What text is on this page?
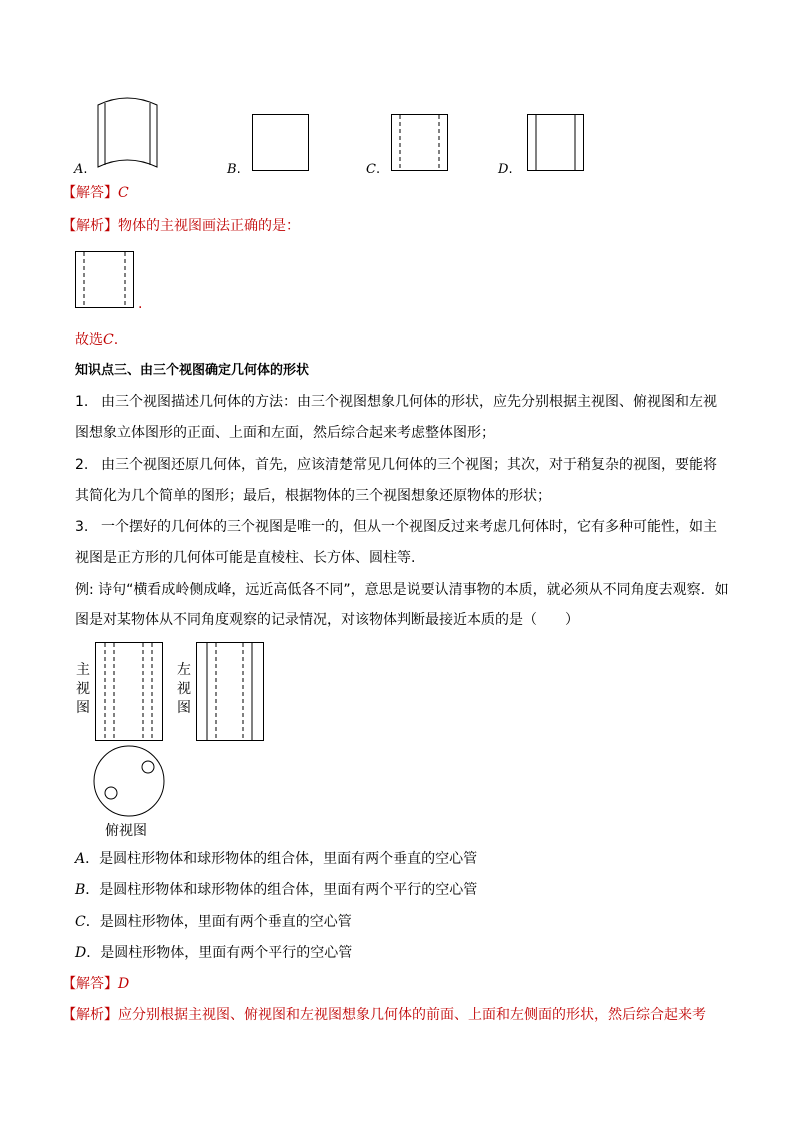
A.	B.	C.	D.
【解答】C
【解析】物体的主视图画法正确的是：
.
故选C.
知识点三、由三个视图确定几何体的形状
1. 由三个视图描述几何体的方法：由三个视图想象几何体的形状，应先分别根据主视图、俯视图和左视
图想象立体图形的正面、上面和左面，然后综合起来考虑整体图形；
2. 由三个视图还原几何体，首先，应该清楚常见几何体的三个视图；其次，对于稍复杂的视图，要能将
其简化为几个简单的图形；最后，根据物体的三个视图想象还原物体的形状；
3. 一个摆好的几何体的三个视图是唯一的，但从一个视图反过来考虑几何体时，它有多种可能性，如主
视图是正方形的几何体可能是直棱柱、长方体、圆柱等.
例: 诗句“横看成岭侧成峰，远近高低各不同”，意思是说要认清事物的本质，就必须从不同角度去观察．如
图是对某物体从不同角度观察的记录情况，对该物体判断最接近本质的是（　　）
主
视
图
左
视
图
俯视图
A．是圆柱形物体和球形物体的组合体，里面有两个垂直的空心管
B．是圆柱形物体和球形物体的组合体，里面有两个平行的空心管
C．是圆柱形物体，里面有两个垂直的空心管
D．是圆柱形物体，里面有两个平行的空心管
【解答】D
【解析】应分别根据主视图、俯视图和左视图想象几何体的前面、上面和左侧面的形状，然后综合起来考
